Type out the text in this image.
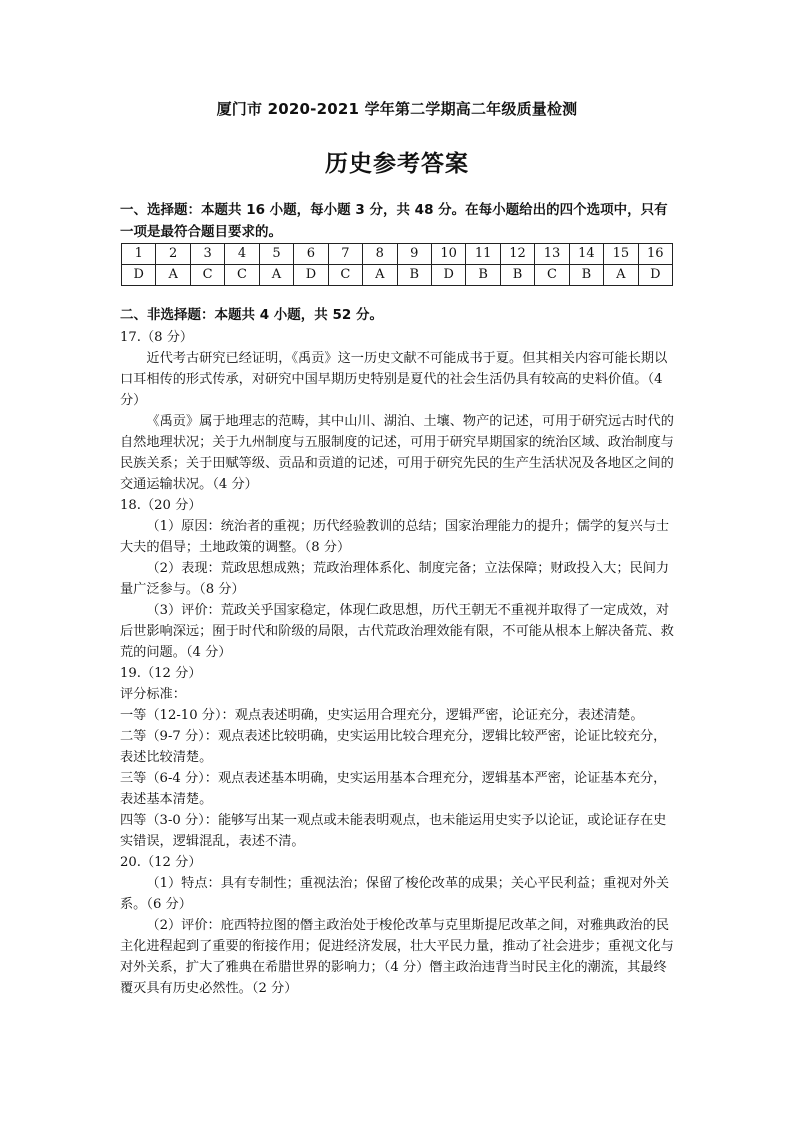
厦门市 2020-2021 学年第二学期高二年级质量检测
历史参考答案
一、选择题：本题共 16 小题，每小题 3 分，共 48 分。在每小题给出的四个选项中，只有
一项是最符合题目要求的。
1	2	3	4	5	6	7	8	9	10	11	12	13	14	15	16
D	A	C	C	A	D	C	A	B	D	B	B	C	B	A	D
二、非选择题：本题共 4 小题，共 52 分。

17.（8 分）

近代考古研究已经证明，《禹贡》这一历史文献不可能成书于夏。但其相关内容可能长期以口耳相传的形式传承，对研究中国早期历史特别是夏代的社会生活仍具有较高的史料价值。（4 分）

《禹贡》属于地理志的范畴，其中山川、湖泊、土壤、物产的记述，可用于研究远古时代的自然地理状况；关于九州制度与五服制度的记述，可用于研究早期国家的统治区域、政治制度与民族关系；关于田赋等级、贡品和贡道的记述，可用于研究先民的生产生活状况及各地区之间的交通运输状况。（4 分）

18.（20 分）

（1）原因：统治者的重视；历代经验教训的总结；国家治理能力的提升；儒学的复兴与士大夫的倡导；土地政策的调整。（8 分）

（2）表现：荒政思想成熟；荒政治理体系化、制度完备；立法保障；财政投入大；民间力量广泛参与。（8 分）

（3）评价：荒政关乎国家稳定，体现仁政思想，历代王朝无不重视并取得了一定成效，对后世影响深远；囿于时代和阶级的局限，古代荒政治理效能有限，不可能从根本上解决备荒、救荒的问题。（4 分）

19.（12 分）

评分标准：

一等（12-10 分）：观点表述明确，史实运用合理充分，逻辑严密，论证充分，表述清楚。

二等（9-7 分）：观点表述比较明确，史实运用比较合理充分，逻辑比较严密，论证比较充分，表述比较清楚。

三等（6-4 分）：观点表述基本明确，史实运用基本合理充分，逻辑基本严密，论证基本充分，表述基本清楚。

四等（3-0 分）：能够写出某一观点或未能表明观点，也未能运用史实予以论证，或论证存在史实错误，逻辑混乱，表述不清。

20.（12 分）

（1）特点：具有专制性；重视法治；保留了梭伦改革的成果；关心平民利益；重视对外关系。（6 分）

（2）评价：庇西特拉图的僭主政治处于梭伦改革与克里斯提尼改革之间，对雅典政治的民主化进程起到了重要的衔接作用；促进经济发展，壮大平民力量，推动了社会进步；重视文化与对外关系，扩大了雅典在希腊世界的影响力；（4 分）僭主政治违背当时民主化的潮流，其最终覆灭具有历史必然性。（2 分）
